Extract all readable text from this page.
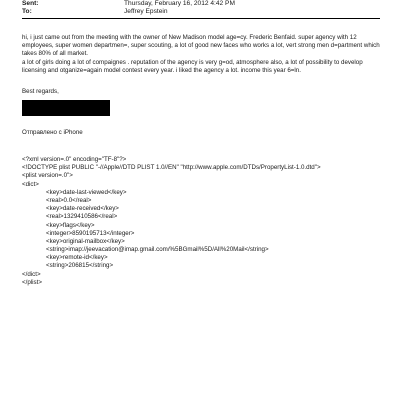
Sent:	Thursday, February 16, 2012 4:42 PM
To:	Jeffrey Epstein

hi, i just came out from the meeting with the owner of New Madison model age=cy. Frederic Benfaid. super agency with 12 employees, super women departmen=, super scouting, a lot of good new faces who works a lot, vert strong men d=partment which takes 80% of all market.

a lot of girls doing a lot of compaignes . reputation of the agency is very g=od, atmosphere also, a lot of possibility to develop licensing and otganize=again model contest every year. i liked the agency a lot. income this year 6=ln.

Best regards,
Отправлено с iPhone
<?xml version=.0" encoding="TF-8"?>
<!DOCTYPE plist PUBLIC "-//Apple//DTD PLIST 1.0//EN" "http://www.apple.com/DTDs/PropertyList-1.0.dtd">
<plist version=.0">
<dict>
<key>date-last-viewed</key>
<real>0.0</real>
<key>date-received</key>
<real>1329410586</real>
<key>flags</key>
<integer>8590195713</integer>
<key>original-mailbox</key>
<string>imap://jeevacation@imap.gmail.com/%5BGmail%5D/All%20Mail</string>
<key>remote-id</key>
<string>206815</string>
</dict>
</plist>
